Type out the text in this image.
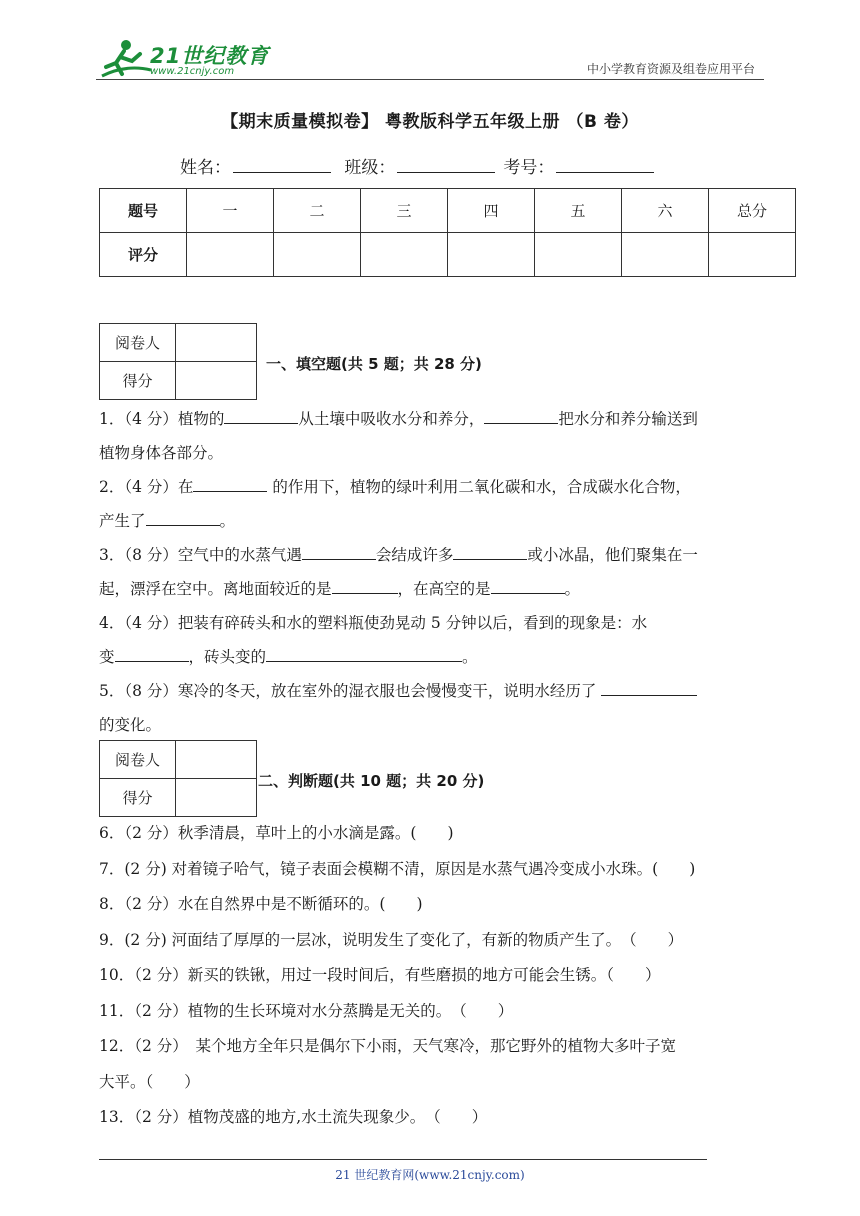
21世纪教育
www.21cnjy.com	中小学教育资源及组卷应用平台
【期末质量模拟卷】 粤教版科学五年级上册 （B 卷）
姓名：	班级：	考号：
题号	一	二	三	四	五	六	总分
评分							
阅卷人	
得分	
一、填空题(共 5 题；共 28 分)
1．（4 分）植物的	从土壤中吸收水分和养分，	把水分和养分输送到
植物身体各部分。
2．（4 分）在	的作用下，植物的绿叶利用二氧化碳和水，合成碳水化合物，
产生了	。
3．（8 分）空气中的水蒸气遇	会结成许多	或小冰晶，他们聚集在一
起，漂浮在空中。离地面较近的是	，在高空的是	。
4．（4 分）把装有碎砖头和水的塑料瓶使劲晃动 5 分钟以后，看到的现象是：水
变	，砖头变的	。
5．（8 分）寒冷的冬天，放在室外的湿衣服也会慢慢变干，说明水经历了
的变化。
阅卷人	
得分	
二、判断题(共 10 题；共 20 分)
6．（2 分）秋季清晨，草叶上的小水滴是露。(　　)
7．(2 分) 对着镜子哈气，镜子表面会模糊不清，原因是水蒸气遇冷变成小水珠。(　　)
8．（2 分）水在自然界中是不断循环的。(　　)
9．(2 分) 河面结了厚厚的一层冰，说明发生了变化了，有新的物质产生了。　（　　）
10．（2 分）新买的铁锹，用过一段时间后，有些磨损的地方可能会生锈。（　　）
11．（2 分）植物的生长环境对水分蒸腾是无关的。　（　　）
12．（2 分）　某个地方全年只是偶尔下小雨，天气寒冷，那它野外的植物大多叶子宽
大平。（　　）
13．（2 分）植物茂盛的地方,水土流失现象少。　（　　）
21 世纪教育网(www.21cnjy.com)
